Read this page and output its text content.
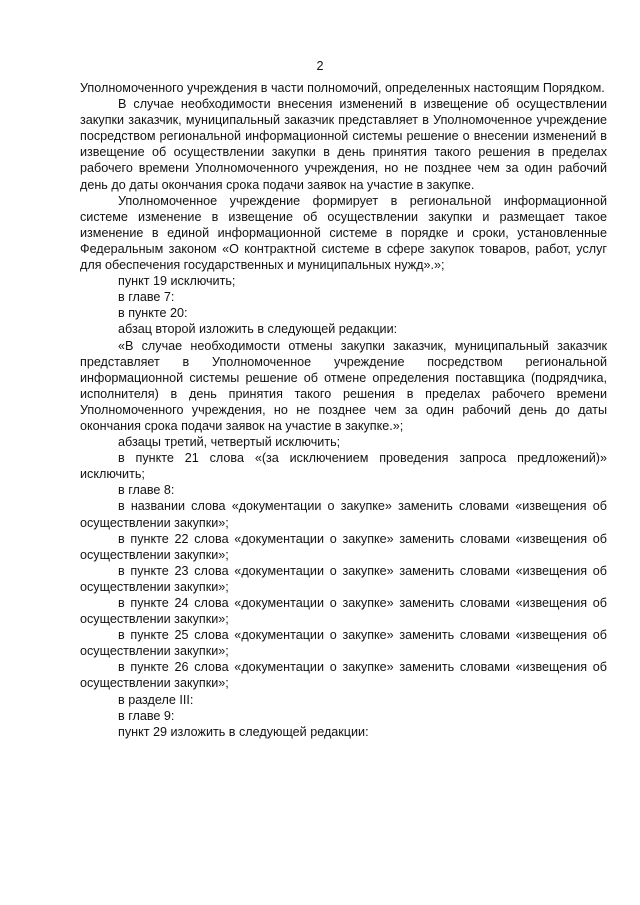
2

Уполномоченного учреждения в части полномочий, определенных настоящим Порядком.

В случае необходимости внесения изменений в извещение об осуществлении закупки заказчик, муниципальный заказчик представляет в Уполномоченное учреждение посредством региональной информационной системы решение о внесении изменений в извещение об осуществлении закупки в день принятия такого решения в пределах рабочего времени Уполномоченного учреждения, но не позднее чем за один рабочий день до даты окончания срока подачи заявок на участие в закупке.

Уполномоченное учреждение формирует в региональной информационной системе изменение в извещение об осуществлении закупки и размещает такое изменение в единой информационной системе в порядке и сроки, установленные Федеральным законом «О контрактной системе в сфере закупок товаров, работ, услуг для обеспечения государственных и муниципальных нужд».»;

пункт 19 исключить;

в главе 7:

в пункте 20:

абзац второй изложить в следующей редакции:

«В случае необходимости отмены закупки заказчик, муниципальный заказчик представляет в Уполномоченное учреждение посредством региональной информационной системы решение об отмене определения поставщика (подрядчика, исполнителя) в день принятия такого решения в пределах рабочего времени Уполномоченного учреждения, но не позднее чем за один рабочий день до даты окончания срока подачи заявок на участие в закупке.»;

абзацы третий, четвертый исключить;

в пункте 21 слова «(за исключением проведения запроса предложений)» исключить;

в главе 8:

в названии слова «документации о закупке» заменить словами «извещения об осуществлении закупки»;

в пункте 22 слова «документации о закупке» заменить словами «извещения об осуществлении закупки»;

в пункте 23 слова «документации о закупке» заменить словами «извещения об осуществлении закупки»;

в пункте 24 слова «документации о закупке» заменить словами «извещения об осуществлении закупки»;

в пункте 25 слова «документации о закупке» заменить словами «извещения об осуществлении закупки»;

в пункте 26 слова «документации о закупке» заменить словами «извещения об осуществлении закупки»;

в разделе III:

в главе 9:

пункт 29 изложить в следующей редакции:
